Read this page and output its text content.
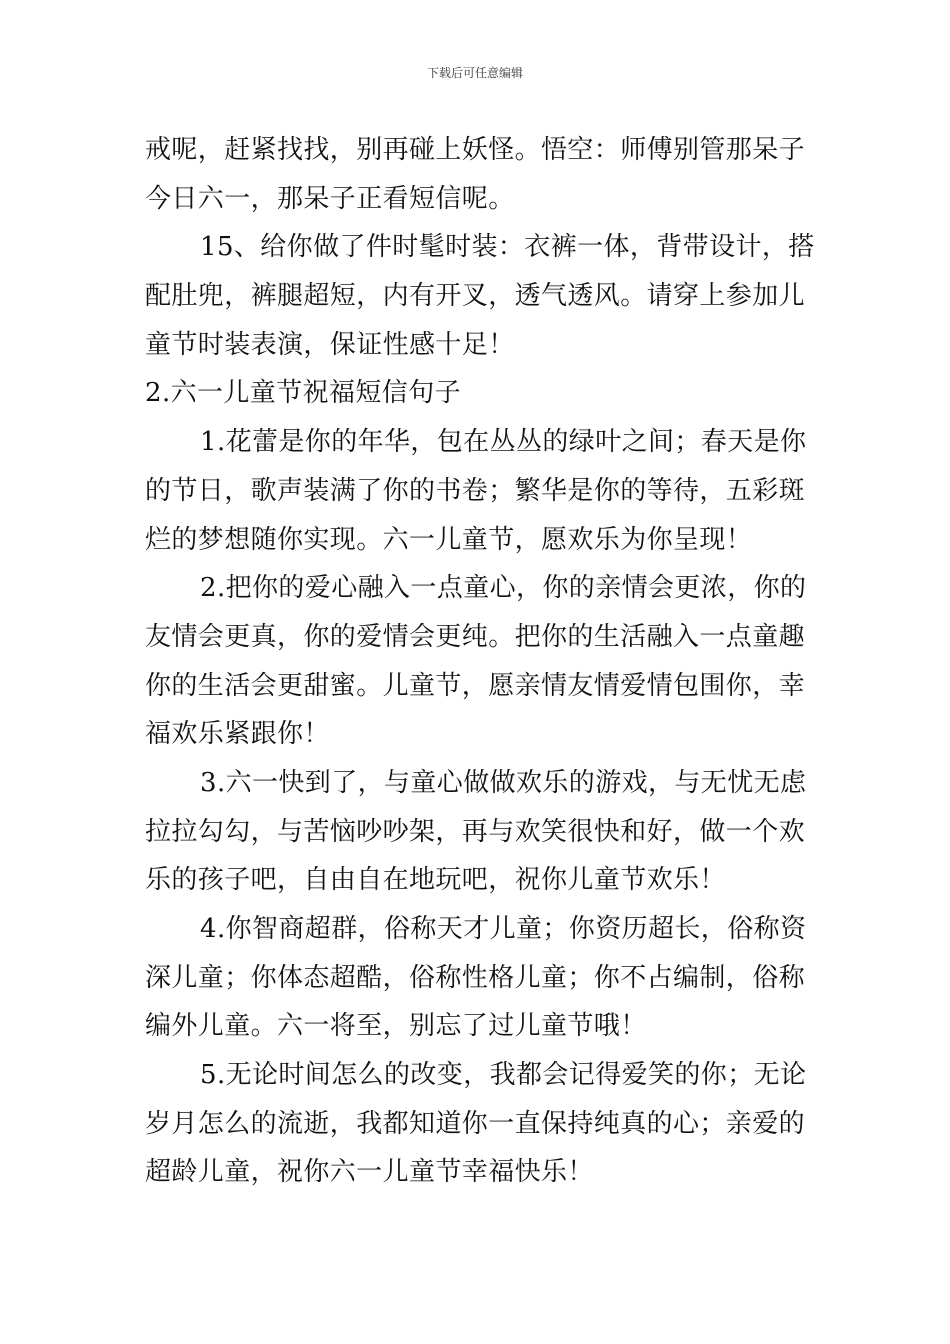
下载后可任意编辑
戒呢，赶紧找找，别再碰上妖怪。悟空：师傅别管那呆子
今日六一，那呆子正看短信呢。
15、给你做了件时髦时装：衣裤一体，背带设计，搭
配肚兜，裤腿超短，内有开叉，透气透风。请穿上参加儿
童节时装表演，保证性感十足！
2.六一儿童节祝福短信句子
1.花蕾是你的年华，包在丛丛的绿叶之间；春天是你
的节日，歌声装满了你的书卷；繁华是你的等待，五彩斑
烂的梦想随你实现。六一儿童节，愿欢乐为你呈现！
2.把你的爱心融入一点童心，你的亲情会更浓，你的
友情会更真，你的爱情会更纯。把你的生活融入一点童趣
你的生活会更甜蜜。儿童节，愿亲情友情爱情包围你，幸
福欢乐紧跟你！
3.六一快到了，与童心做做欢乐的游戏，与无忧无虑
拉拉勾勾，与苦恼吵吵架，再与欢笑很快和好，做一个欢
乐的孩子吧，自由自在地玩吧，祝你儿童节欢乐！
4.你智商超群，俗称天才儿童；你资历超长，俗称资
深儿童；你体态超酷，俗称性格儿童；你不占编制，俗称
编外儿童。六一将至，别忘了过儿童节哦！
5.无论时间怎么的改变，我都会记得爱笑的你；无论
岁月怎么的流逝，我都知道你一直保持纯真的心；亲爱的
超龄儿童，祝你六一儿童节幸福快乐！
